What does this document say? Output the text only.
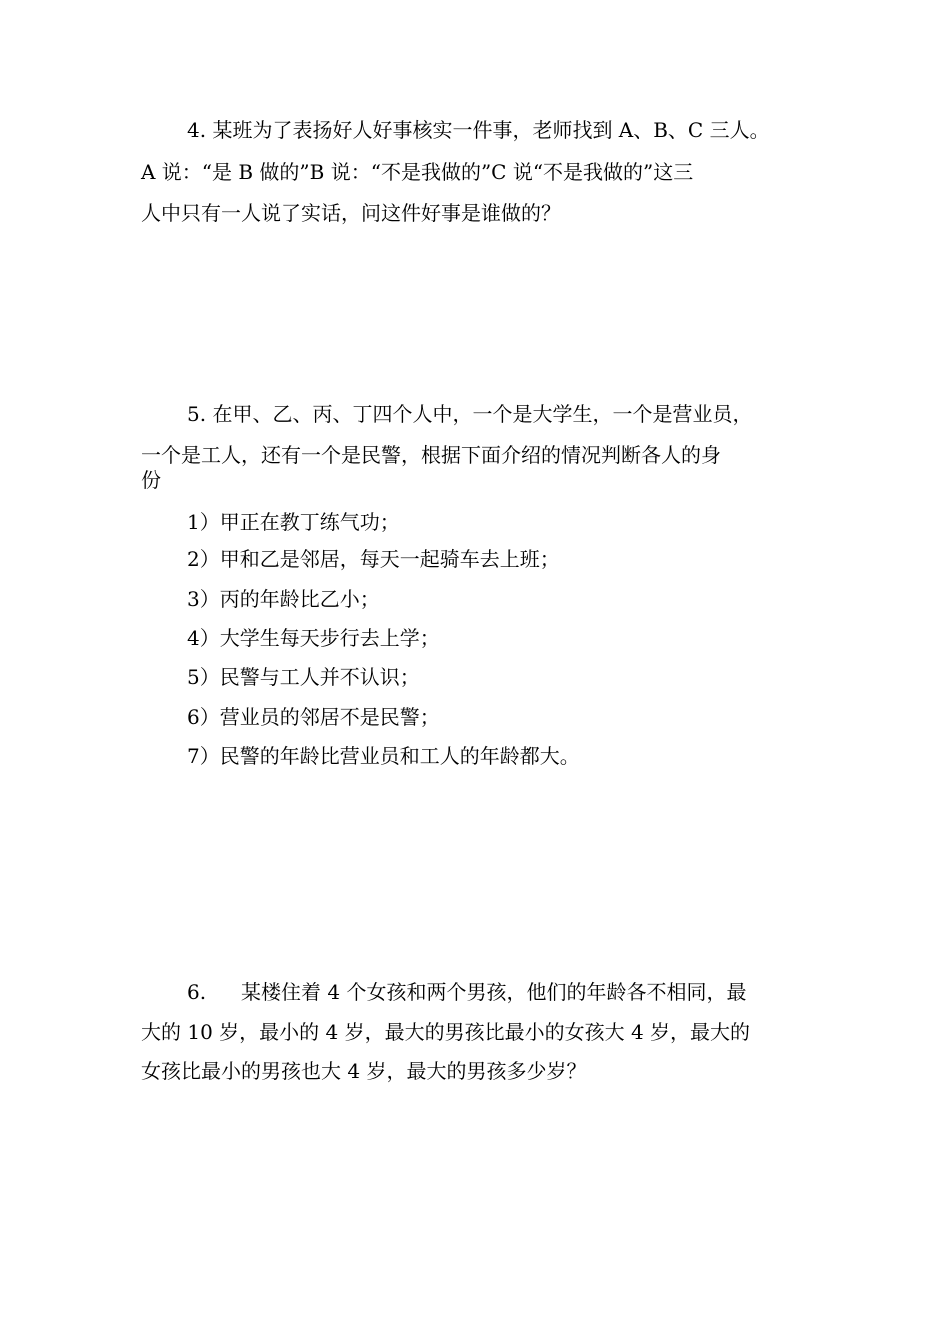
4. 某班为了表扬好人好事核实一件事，老师找到 A、B、C 三人。
A 说：“是 B 做的”B 说：“不是我做的”C 说“不是我做的”这三
人中只有一人说了实话，问这件好事是谁做的？
5. 在甲、乙、丙、丁四个人中，一个是大学生，一个是营业员，
一个是工人，还有一个是民警，根据下面介绍的情况判断各人的身
份
1）甲正在教丁练气功；
2）甲和乙是邻居，每天一起骑车去上班；
3）丙的年龄比乙小；
4）大学生每天步行去上学；
5）民警与工人并不认识；
6）营业员的邻居不是民警；
7）民警的年龄比营业员和工人的年龄都大。
6. 某楼住着 4 个女孩和两个男孩，他们的年龄各不相同，最
大的 10 岁，最小的 4 岁，最大的男孩比最小的女孩大 4 岁，最大的
女孩比最小的男孩也大 4 岁，最大的男孩多少岁？
